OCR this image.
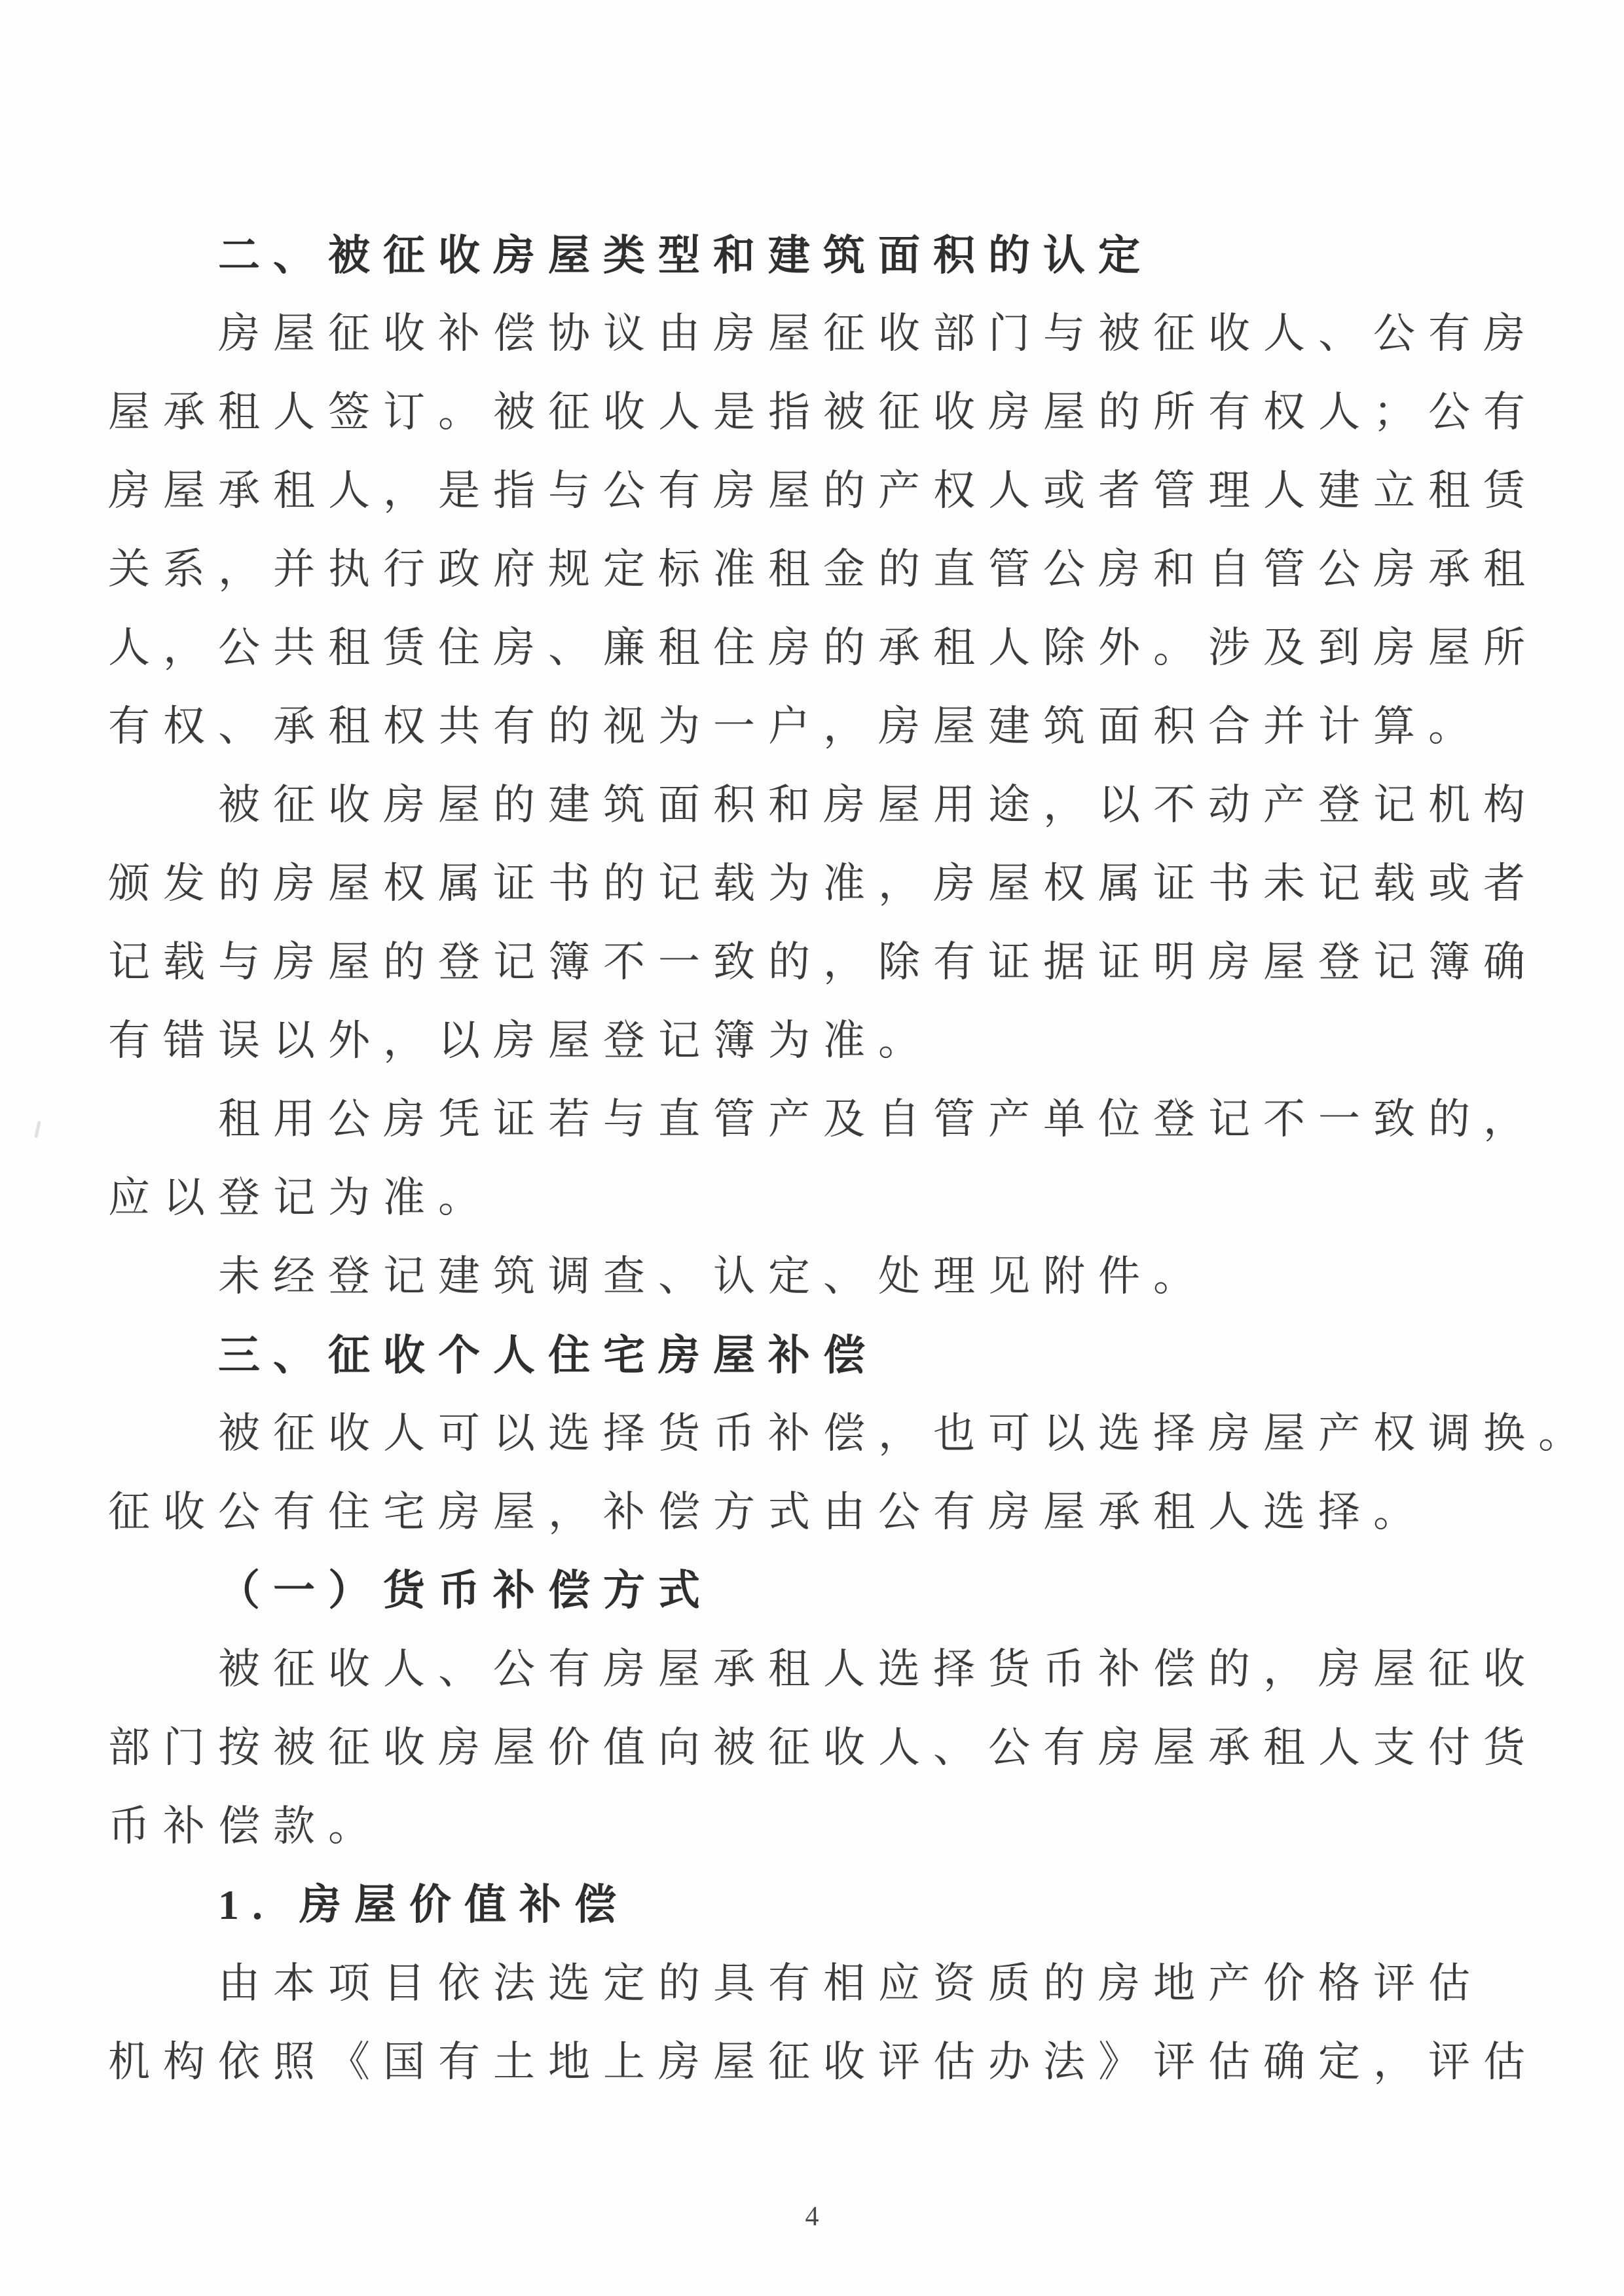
二、被征收房屋类型和建筑面积的认定
房屋征收补偿协议由房屋征收部门与被征收人、公有房
屋承租人签订。被征收人是指被征收房屋的所有权人；公有
房屋承租人，是指与公有房屋的产权人或者管理人建立租赁
关系，并执行政府规定标准租金的直管公房和自管公房承租
人，公共租赁住房、廉租住房的承租人除外。涉及到房屋所
有权、承租权共有的视为一户，房屋建筑面积合并计算。
被征收房屋的建筑面积和房屋用途，以不动产登记机构
颁发的房屋权属证书的记载为准，房屋权属证书未记载或者
记载与房屋的登记簿不一致的，除有证据证明房屋登记簿确
有错误以外，以房屋登记簿为准。
租用公房凭证若与直管产及自管产单位登记不一致的，
应以登记为准。
未经登记建筑调查、认定、处理见附件。
三、征收个人住宅房屋补偿
被征收人可以选择货币补偿，也可以选择房屋产权调换。
征收公有住宅房屋，补偿方式由公有房屋承租人选择。
（一）货币补偿方式
被征收人、公有房屋承租人选择货币补偿的，房屋征收
部门按被征收房屋价值向被征收人、公有房屋承租人支付货
币补偿款。
1. 房屋价值补偿
由本项目依法选定的具有相应资质的房地产价格评估
机构依照《国有土地上房屋征收评估办法》评估确定，评估
4
